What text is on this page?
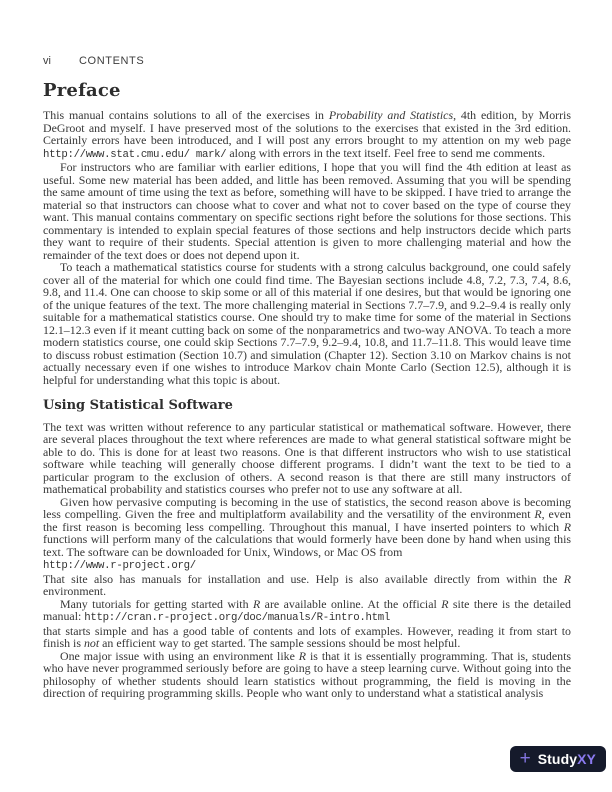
vi	CONTENTS
Preface

This manual contains solutions to all of the exercises in Probability and Statistics, 4th edition, by Morris DeGroot and myself. I have preserved most of the solutions to the exercises that existed in the 3rd edition. Certainly errors have been introduced, and I will post any errors brought to my attention on my web page http://www.stat.cmu.edu/ mark/ along with errors in the text itself. Feel free to send me comments.

For instructors who are familiar with earlier editions, I hope that you will find the 4th edition at least as useful. Some new material has been added, and little has been removed. Assuming that you will be spending the same amount of time using the text as before, something will have to be skipped. I have tried to arrange the material so that instructors can choose what to cover and what not to cover based on the type of course they want. This manual contains commentary on specific sections right before the solutions for those sections. This commentary is intended to explain special features of those sections and help instructors decide which parts they want to require of their students. Special attention is given to more challenging material and how the remainder of the text does or does not depend upon it.

To teach a mathematical statistics course for students with a strong calculus background, one could safely cover all of the material for which one could find time. The Bayesian sections include 4.8, 7.2, 7.3, 7.4, 8.6, 9.8, and 11.4. One can choose to skip some or all of this material if one desires, but that would be ignoring one of the unique features of the text. The more challenging material in Sections 7.7–7.9, and 9.2–9.4 is really only suitable for a mathematical statistics course. One should try to make time for some of the material in Sections 12.1–12.3 even if it meant cutting back on some of the nonparametrics and two-way ANOVA. To teach a more modern statistics course, one could skip Sections 7.7–7.9, 9.2–9.4, 10.8, and 11.7–11.8. This would leave time to discuss robust estimation (Section 10.7) and simulation (Chapter 12). Section 3.10 on Markov chains is not actually necessary even if one wishes to introduce Markov chain Monte Carlo (Section 12.5), although it is helpful for understanding what this topic is about.

Using Statistical Software

The text was written without reference to any particular statistical or mathematical software. However, there are several places throughout the text where references are made to what general statistical software might be able to do. This is done for at least two reasons. One is that different instructors who wish to use statistical software while teaching will generally choose different programs. I didn’t want the text to be tied to a particular program to the exclusion of others. A second reason is that there are still many instructors of mathematical probability and statistics courses who prefer not to use any software at all.

Given how pervasive computing is becoming in the use of statistics, the second reason above is becoming less compelling. Given the free and multiplatform availability and the versatility of the environment R, even the first reason is becoming less compelling. Throughout this manual, I have inserted pointers to which R functions will perform many of the calculations that would formerly have been done by hand when using this text. The software can be downloaded for Unix, Windows, or Mac OS from
http://www.r-project.org/
That site also has manuals for installation and use. Help is also available directly from within the R environment.

Many tutorials for getting started with R are available online. At the official R site there is the detailed manual: http://cran.r-project.org/doc/manuals/R-intro.html
that starts simple and has a good table of contents and lots of examples. However, reading it from start to finish is not an efficient way to get started. The sample sessions should be most helpful.

One major issue with using an environment like R is that it is essentially programming. That is, students who have never programmed seriously before are going to have a steep learning curve. Without going into the philosophy of whether students should learn statistics without programming, the field is moving in the direction of requiring programming skills. People who want only to understand what a statistical analysis

+ StudyXY
